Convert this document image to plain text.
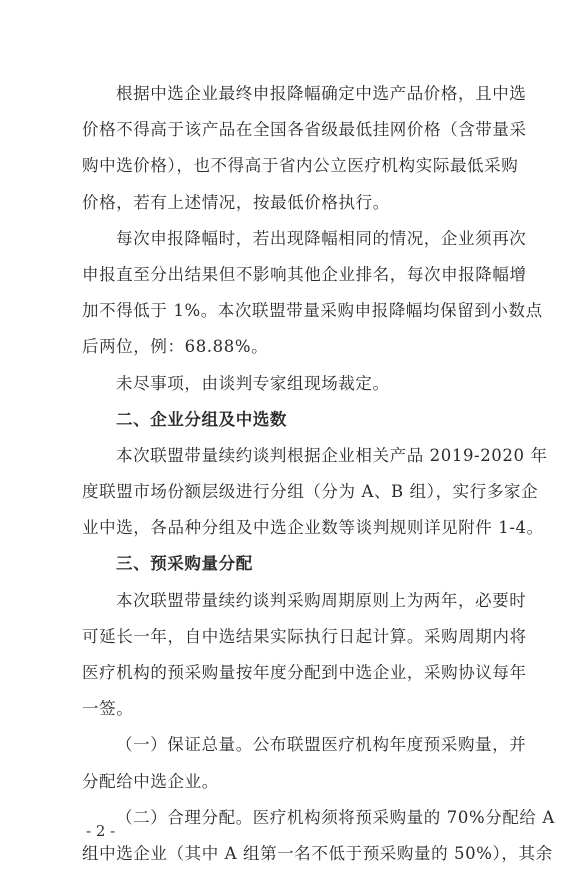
根据中选企业最终申报降幅确定中选产品价格，且中选
价格不得高于该产品在全国各省级最低挂网价格（含带量采
购中选价格），也不得高于省内公立医疗机构实际最低采购
价格，若有上述情况，按最低价格执行。
每次申报降幅时，若出现降幅相同的情况，企业须再次
申报直至分出结果但不影响其他企业排名，每次申报降幅增
加不得低于 1%。本次联盟带量采购申报降幅均保留到小数点
后两位，例：68.88%。
未尽事项，由谈判专家组现场裁定。
二、企业分组及中选数
本次联盟带量续约谈判根据企业相关产品 2019-2020 年
度联盟市场份额层级进行分组（分为 A、B 组），实行多家企
业中选，各品种分组及中选企业数等谈判规则详见附件 1-4。
三、预采购量分配
本次联盟带量续约谈判采购周期原则上为两年，必要时
可延长一年，自中选结果实际执行日起计算。采购周期内将
医疗机构的预采购量按年度分配到中选企业，采购协议每年
一签。
（一）保证总量。公布联盟医疗机构年度预采购量，并
分配给中选企业。
（二）合理分配。医疗机构须将预采购量的 70%分配给 A
组中选企业（其中 A 组第一名不低于预采购量的 50%），其余
- 2 -
